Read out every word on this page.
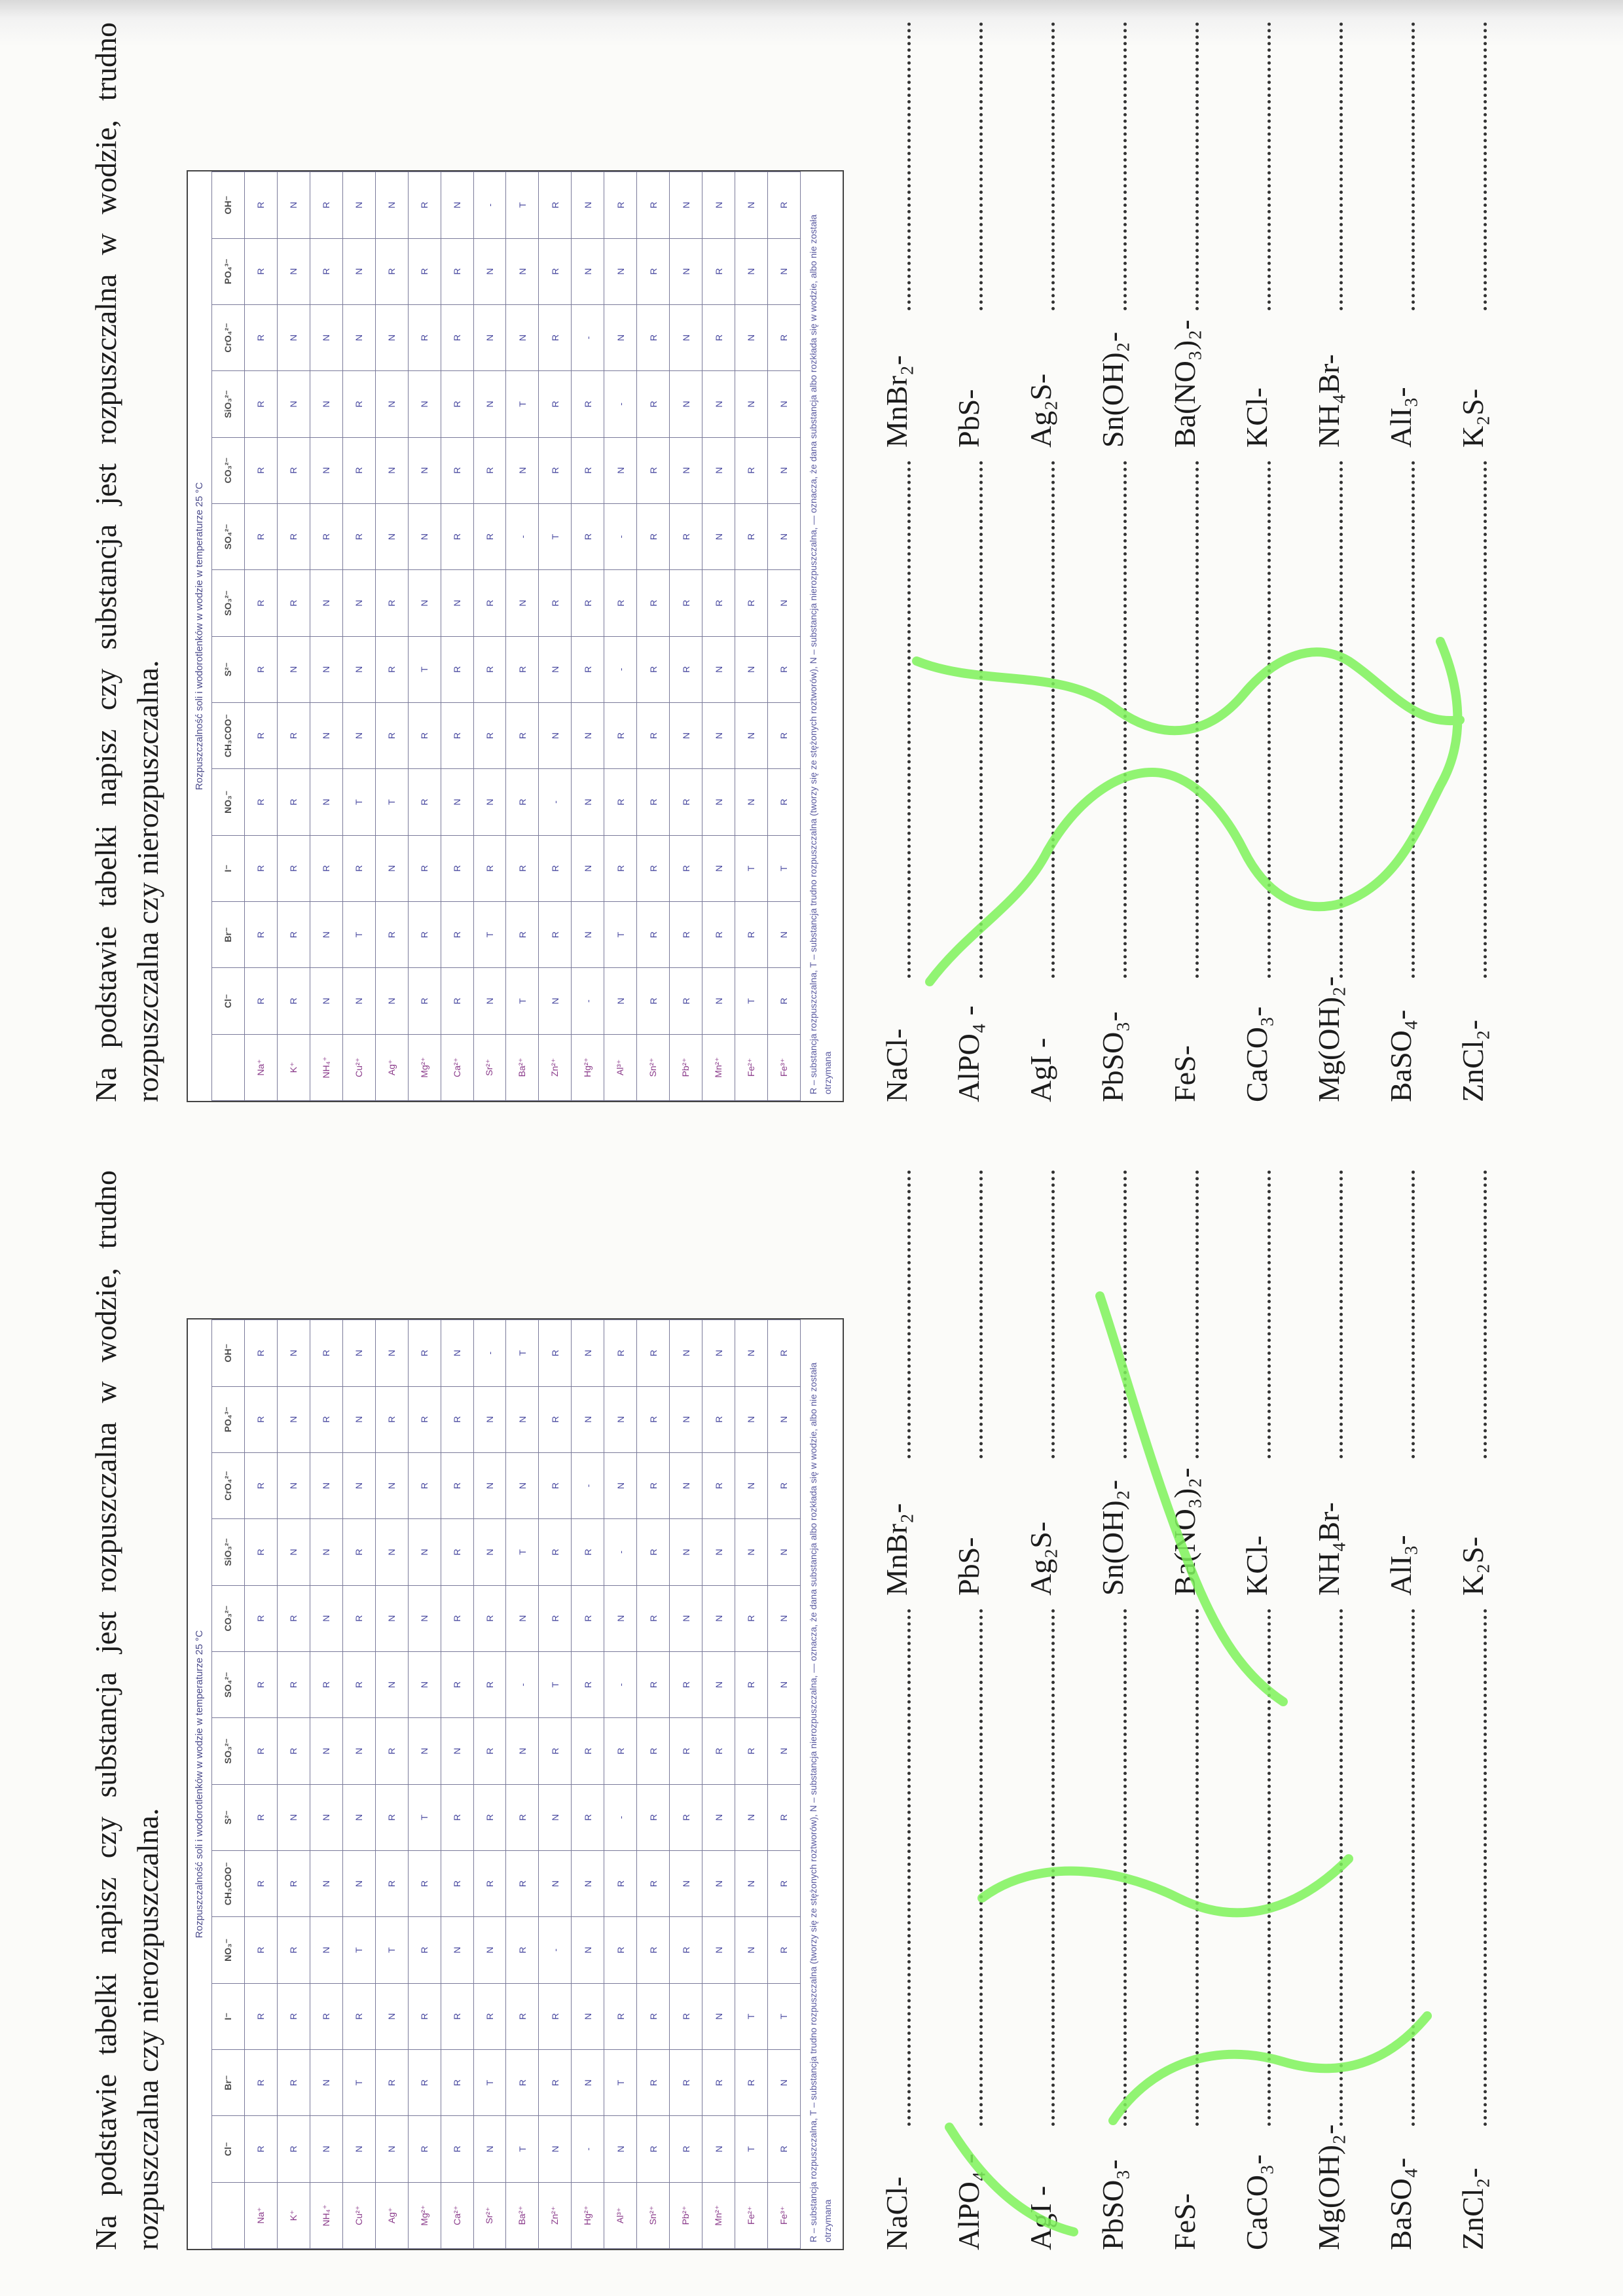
Na podstawie tabelki napisz czy substancja jest rozpuszczalna w wodzie, trudno rozpuszczalna czy nierozpuszczalna.
Rozpuszczalność soli i wodorotlenków w wodzie w temperaturze 25 °C
	Cl⁻	Br⁻	I⁻	NO₃⁻	CH₃COO⁻	S²⁻	SO₃²⁻	SO₄²⁻	CO₃²⁻	SiO₃²⁻	CrO₄²⁻	PO₄³⁻	OH⁻
Na⁺	R	R	R	R	R	R	R	R	R	R	R	R	R
K⁺	R	R	R	R	R	N	R	R	R	N	N	N	N
NH₄⁺	N	N	R	N	N	N	N	R	N	N	N	R	R
Cu²⁺	N	T	R	T	N	N	N	R	R	R	N	N	N
Ag⁺	N	R	N	T	R	R	R	N	N	N	N	R	N
Mg²⁺	R	R	R	R	R	T	N	N	N	N	R	R	R
Ca²⁺	R	R	R	N	R	R	N	R	R	R	R	R	N
Sr²⁺	N	T	R	N	R	R	R	R	R	N	N	N	-
Ba²⁺	T	R	R	R	R	R	N	-	N	T	N	N	T
Zn²⁺	N	R	R	-	N	N	R	T	R	R	R	R	R
Hg²⁺	-	N	N	N	N	R	R	R	R	R	-	N	N
Al³⁺	N	T	R	R	R	-	R	-	N	-	N	N	R
Sn²⁺	R	R	R	R	R	R	R	R	R	R	R	R	R
Pb²⁺	R	R	R	R	N	R	R	R	N	N	N	N	N
Mn²⁺	N	R	N	N	N	N	R	N	N	N	R	R	N
Fe²⁺	T	R	T	N	N	N	R	R	R	N	N	N	N
Fe³⁺	R	N	T	R	R	R	N	N	N	N	R	N	R
R – substancja rozpuszczalna, T – substancja trudno rozpuszczalna (tworzy się ze stężonych roztworów), N – substancja nierozpuszczalna, — oznacza, że dana substancja albo rozkłada się w wodzie, albo nie została otrzymana NaCl-
MnBr₂-
AlPO₄ -
PbS-
AgI -
Ag₂S-
PbSO₃-
Sn(OH)₂-
FeS-
Ba(NO₃)₂-
CaCO₃-
KCl-
Mg(OH)₂-
NH₄Br-
BaSO₄-
AlI₃-
ZnCl₂-
K₂S-
Na podstawie tabelki napisz czy substancja jest rozpuszczalna w wodzie, trudno rozpuszczalna czy nierozpuszczalna.
Rozpuszczalność soli i wodorotlenków w wodzie w temperaturze 25 °C
	Cl⁻	Br⁻	I⁻	NO₃⁻	CH₃COO⁻	S²⁻	SO₃²⁻	SO₄²⁻	CO₃²⁻	SiO₃²⁻	CrO₄²⁻	PO₄³⁻	OH⁻
Na⁺	R	R	R	R	R	R	R	R	R	R	R	R	R
K⁺	R	R	R	R	R	N	R	R	R	N	N	N	N
NH₄⁺	N	N	R	N	N	N	N	R	N	N	N	R	R
Cu²⁺	N	T	R	T	N	N	N	R	R	R	N	N	N
Ag⁺	N	R	N	T	R	R	R	N	N	N	N	R	N
Mg²⁺	R	R	R	R	R	T	N	N	N	N	R	R	R
Ca²⁺	R	R	R	N	R	R	N	R	R	R	R	R	N
Sr²⁺	N	T	R	N	R	R	R	R	R	N	N	N	-
Ba²⁺	T	R	R	R	R	R	N	-	N	T	N	N	T
Zn²⁺	N	R	R	-	N	N	R	T	R	R	R	R	R
Hg²⁺	-	N	N	N	N	R	R	R	R	R	-	N	N
Al³⁺	N	T	R	R	R	-	R	-	N	-	N	N	R
Sn²⁺	R	R	R	R	R	R	R	R	R	R	R	R	R
Pb²⁺	R	R	R	R	N	R	R	R	N	N	N	N	N
Mn²⁺	N	R	N	N	N	N	R	N	N	N	R	R	N
Fe²⁺	T	R	T	N	N	N	R	R	R	N	N	N	N
Fe³⁺	R	N	T	R	R	R	N	N	N	N	R	N	R
R – substancja rozpuszczalna, T – substancja trudno rozpuszczalna (tworzy się ze stężonych roztworów), N – substancja nierozpuszczalna, — oznacza, że dana substancja albo rozkłada się w wodzie, albo nie została otrzymana NaCl-
MnBr₂-
AlPO₄ -
PbS-
AgI -
Ag₂S-
PbSO₃-
Sn(OH)₂-
FeS-
Ba(NO₃)₂-
CaCO₃-
KCl-
Mg(OH)₂-
NH₄Br-
BaSO₄-
AlI₃-
ZnCl₂-
K₂S-
